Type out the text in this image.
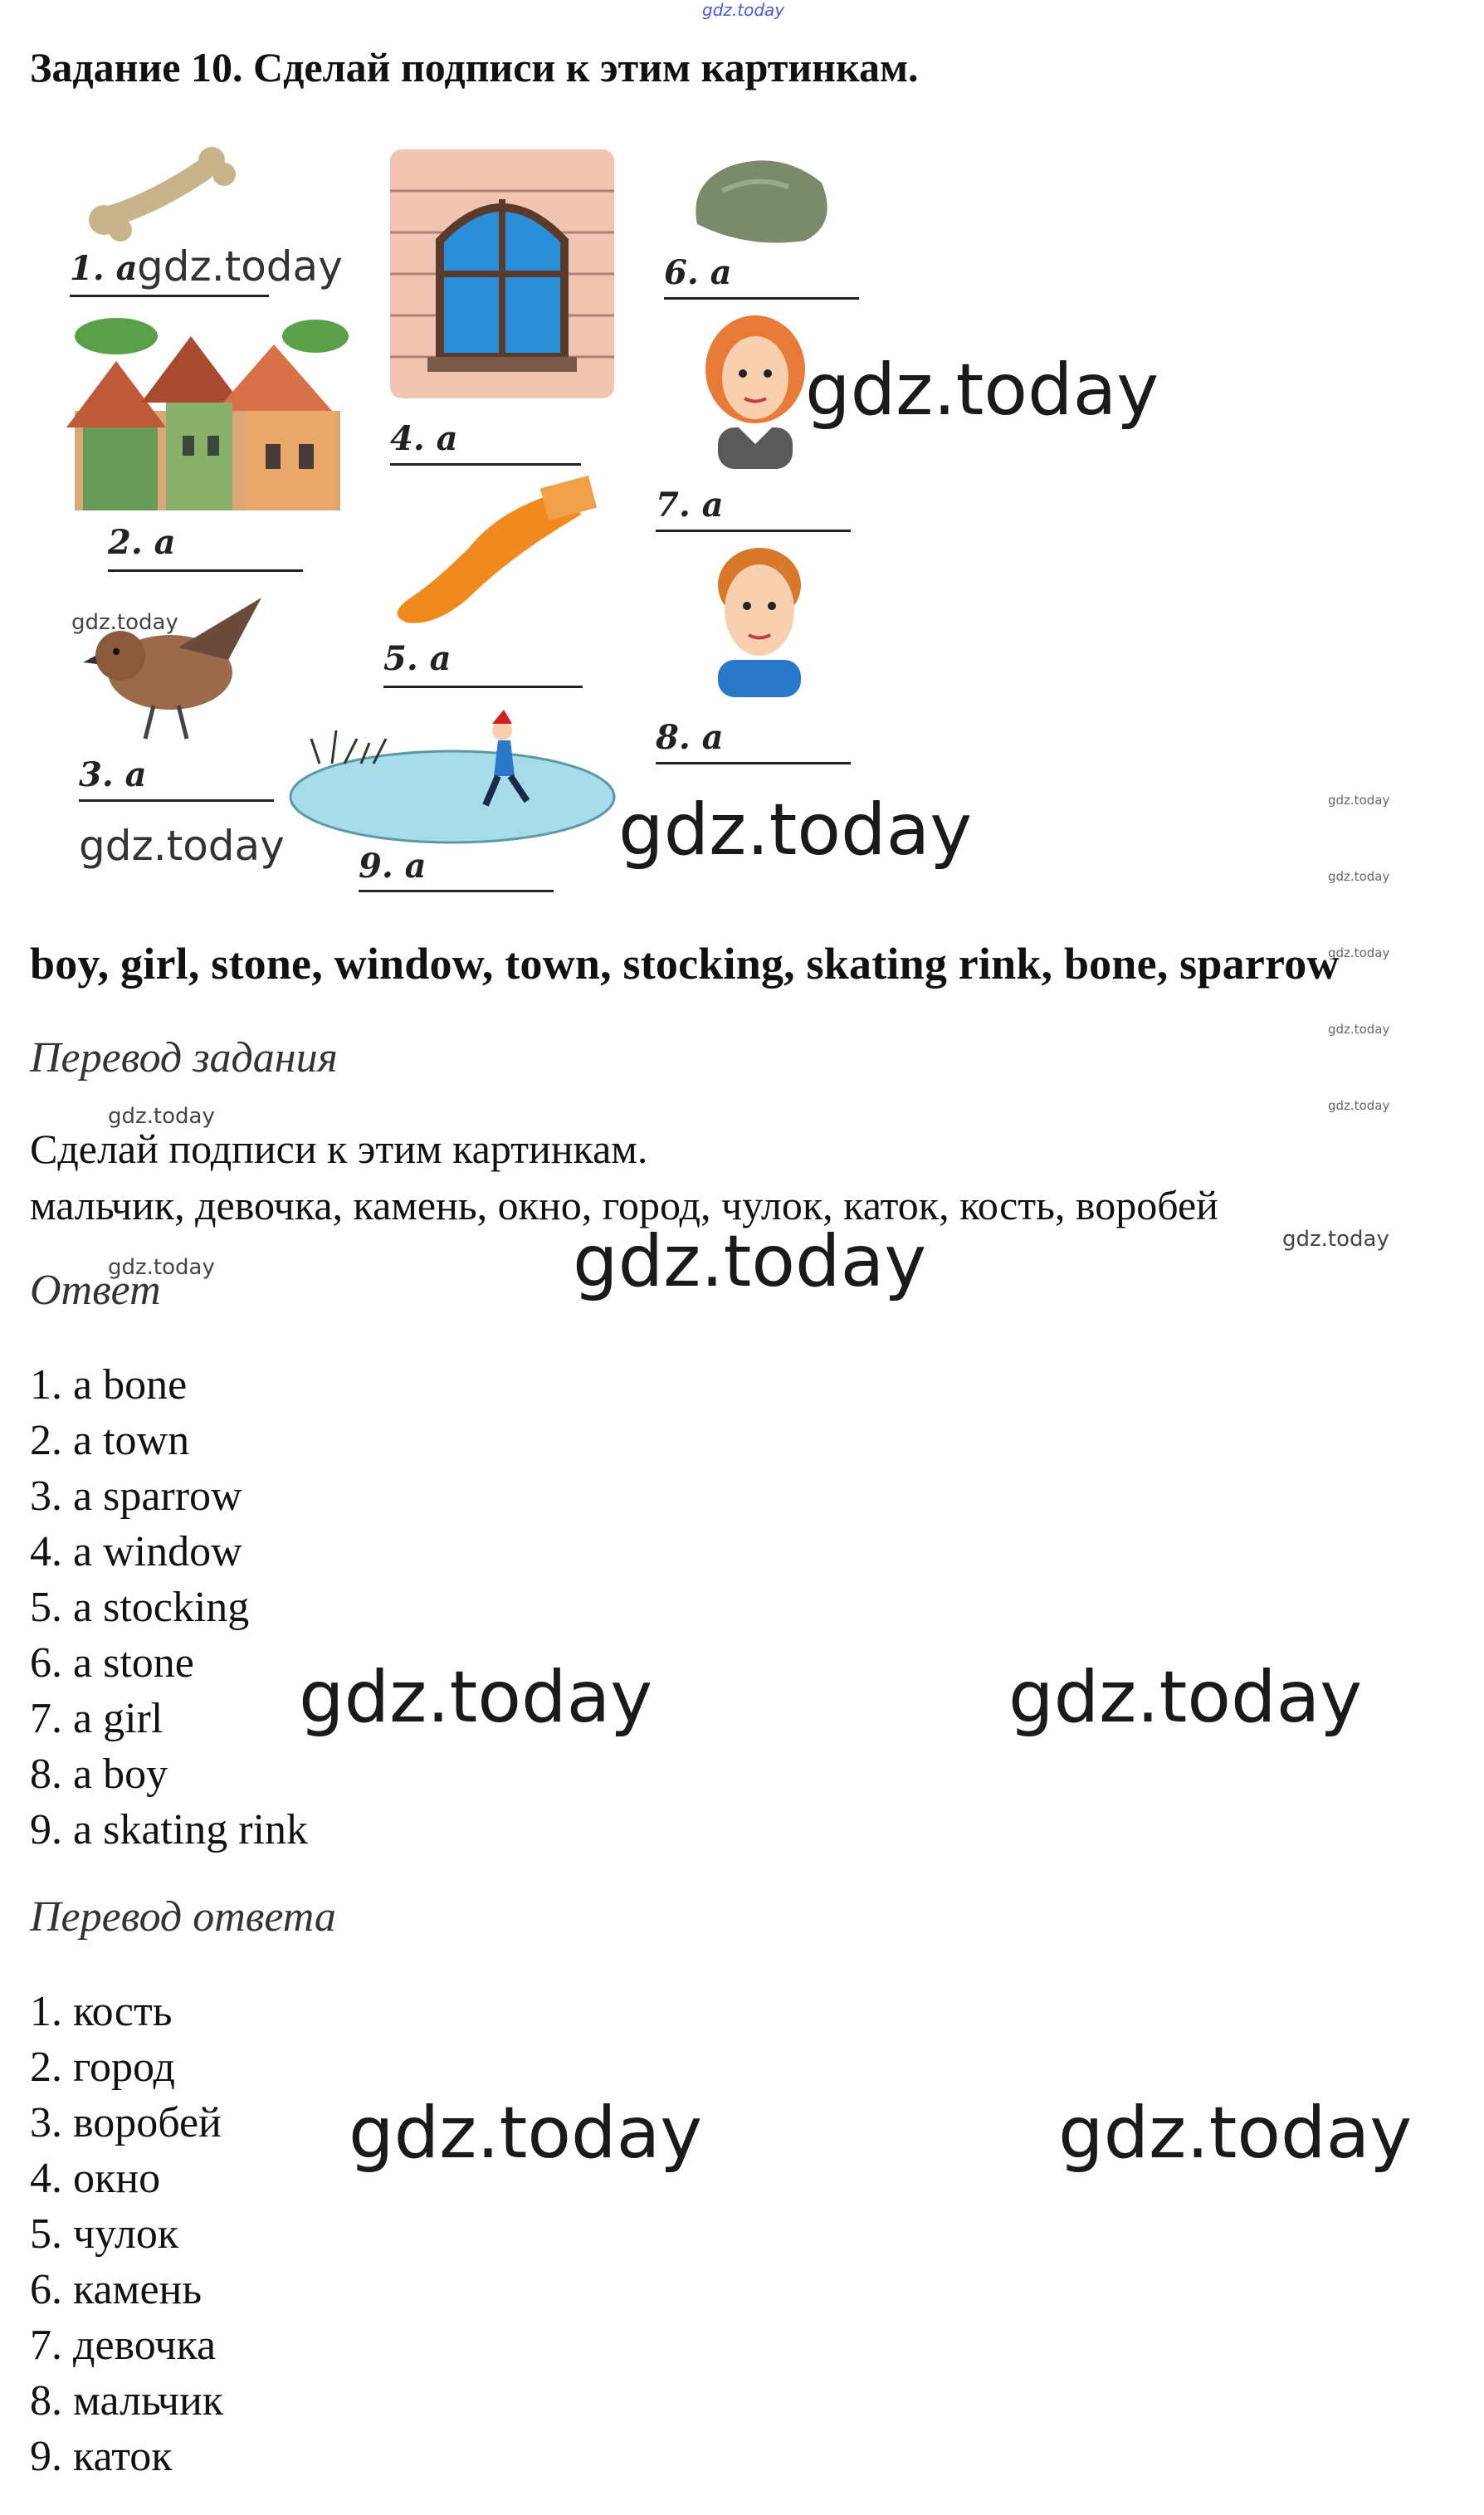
gdz.today
Задание 10. Сделай подписи к этим картинкам.
1. a
2. a
3. a
4. a
5. a
6. a
7. a
8. a
9. a
boy, girl, stone, window, town, stocking, skating rink, bone, sparrow
Перевод задания
Сделай подписи к этим картинкам.
мальчик, девочка, камень, окно, город, чулок, каток, кость, воробей
Ответ
1. a bone
2. a town
3. a sparrow
4. a window
5. a stocking
6. a stone
7. a girl
8. a boy
9. a skating rink
Перевод ответа
1. кость
2. город
3. воробей
4. окно
5. чулок
6. камень
7. девочка
8. мальчик
9. каток
gdz.today
gdz.today
gdz.today
gdz.today	gdz.today	gdz.today
gdz.today
gdz.today
gdz.today
gdz.today
gdz.today
gdz.today
gdz.today	gdz.today
gdz.today	gdz.today
gdz.today	gdz.today
